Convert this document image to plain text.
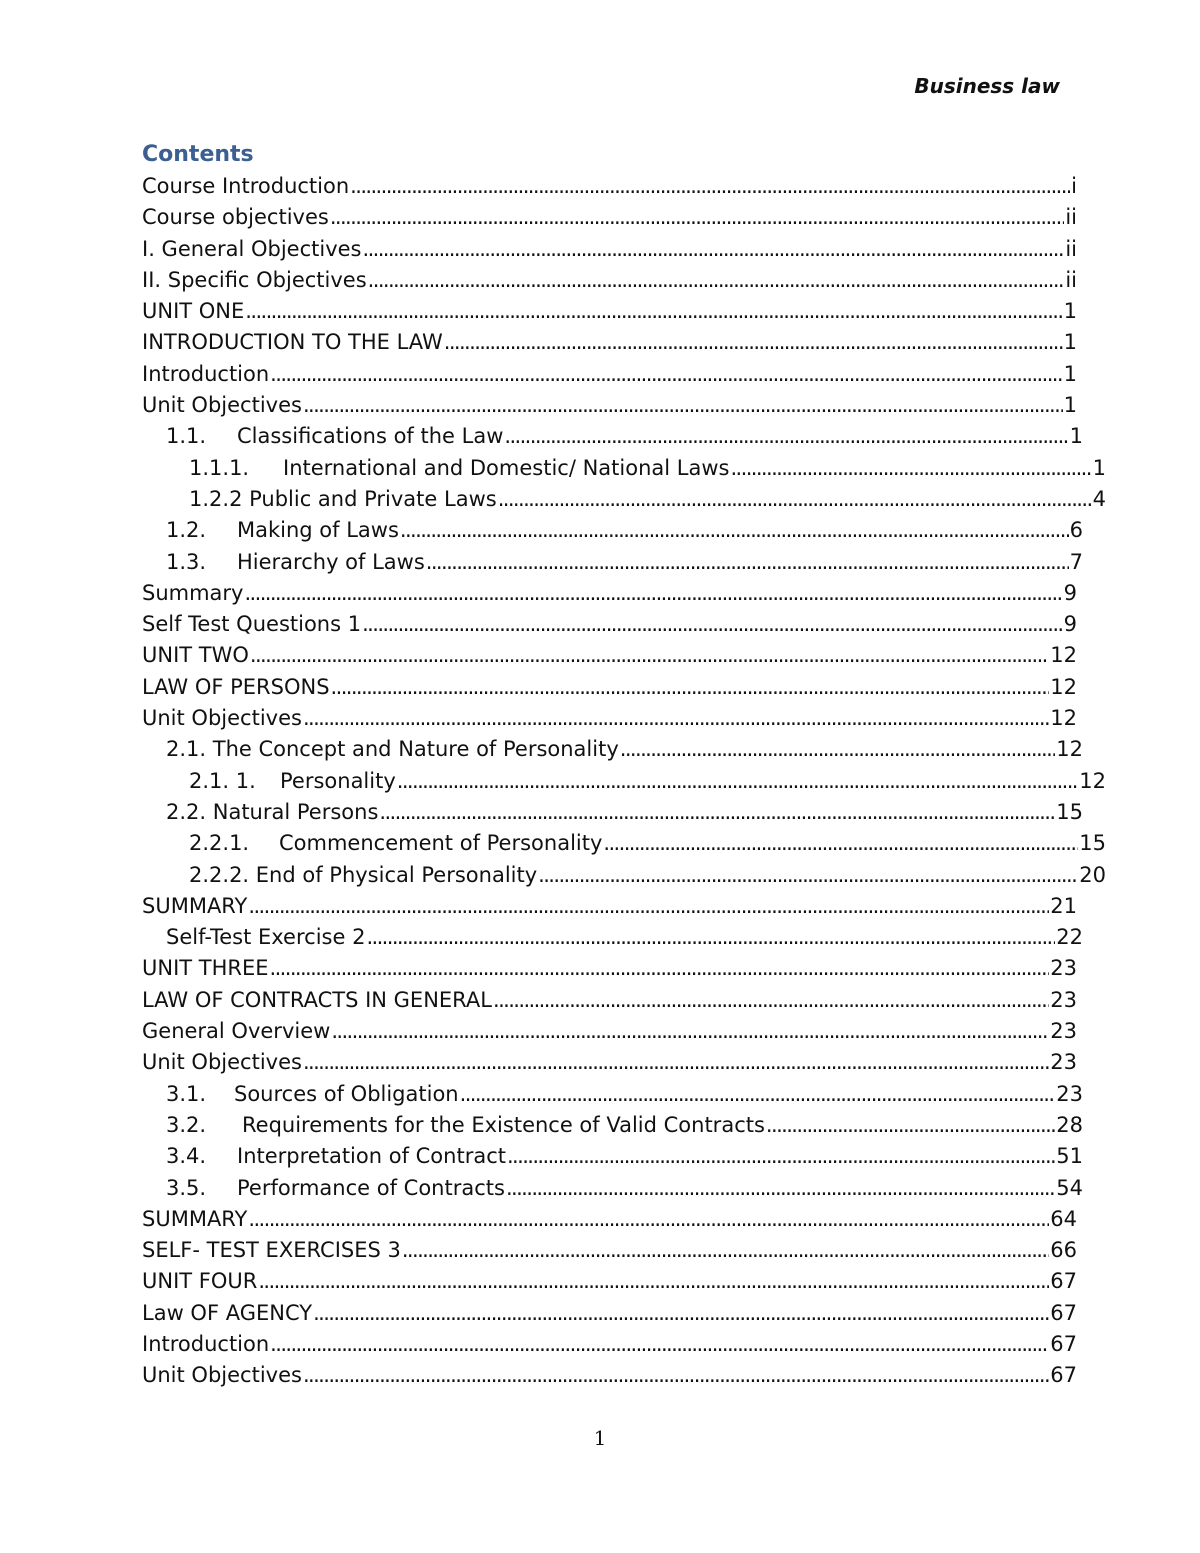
Business law
Contents
Course Introduction .....	i
Course objectives .....	ii
I. General Objectives .....	ii
II. Specific Objectives .....	ii
UNIT ONE .....	1
INTRODUCTION TO THE LAW .....	1
Introduction .....	1
Unit Objectives .....	1
1.1.	Classifications of the Law .....	1
1.1.1.	International and Domestic/ National Laws .....	1
1.2.2 Public and Private Laws .....	4
1.2.	Making of Laws .....	6
1.3.	Hierarchy of Laws .....	7
Summary .....	9
Self Test Questions 1 .....	9
UNIT TWO .....	12
LAW OF PERSONS .....	12
Unit Objectives .....	12
2.1. The Concept and Nature of Personality .....	12
2.1. 1.	Personality .....	12
2.2. Natural Persons .....	15
2.2.1.	Commencement of Personality .....	15
2.2.2. End of Physical Personality .....	20
SUMMARY .....	21
Self-Test Exercise 2 .....	22
UNIT THREE .....	23
LAW OF CONTRACTS IN GENERAL .....	23
General Overview .....	23
Unit Objectives .....	23
3.1.	Sources of Obligation .....	23
3.2.	Requirements for the Existence of Valid Contracts .....	28
3.4.	Interpretation of Contract .....	51
3.5.	Performance of Contracts .....	54
SUMMARY .....	64
SELF- TEST EXERCISES 3 .....	66
UNIT FOUR .....	67
Law OF AGENCY .....	67
Introduction .....	67
Unit Objectives .....	67
1
